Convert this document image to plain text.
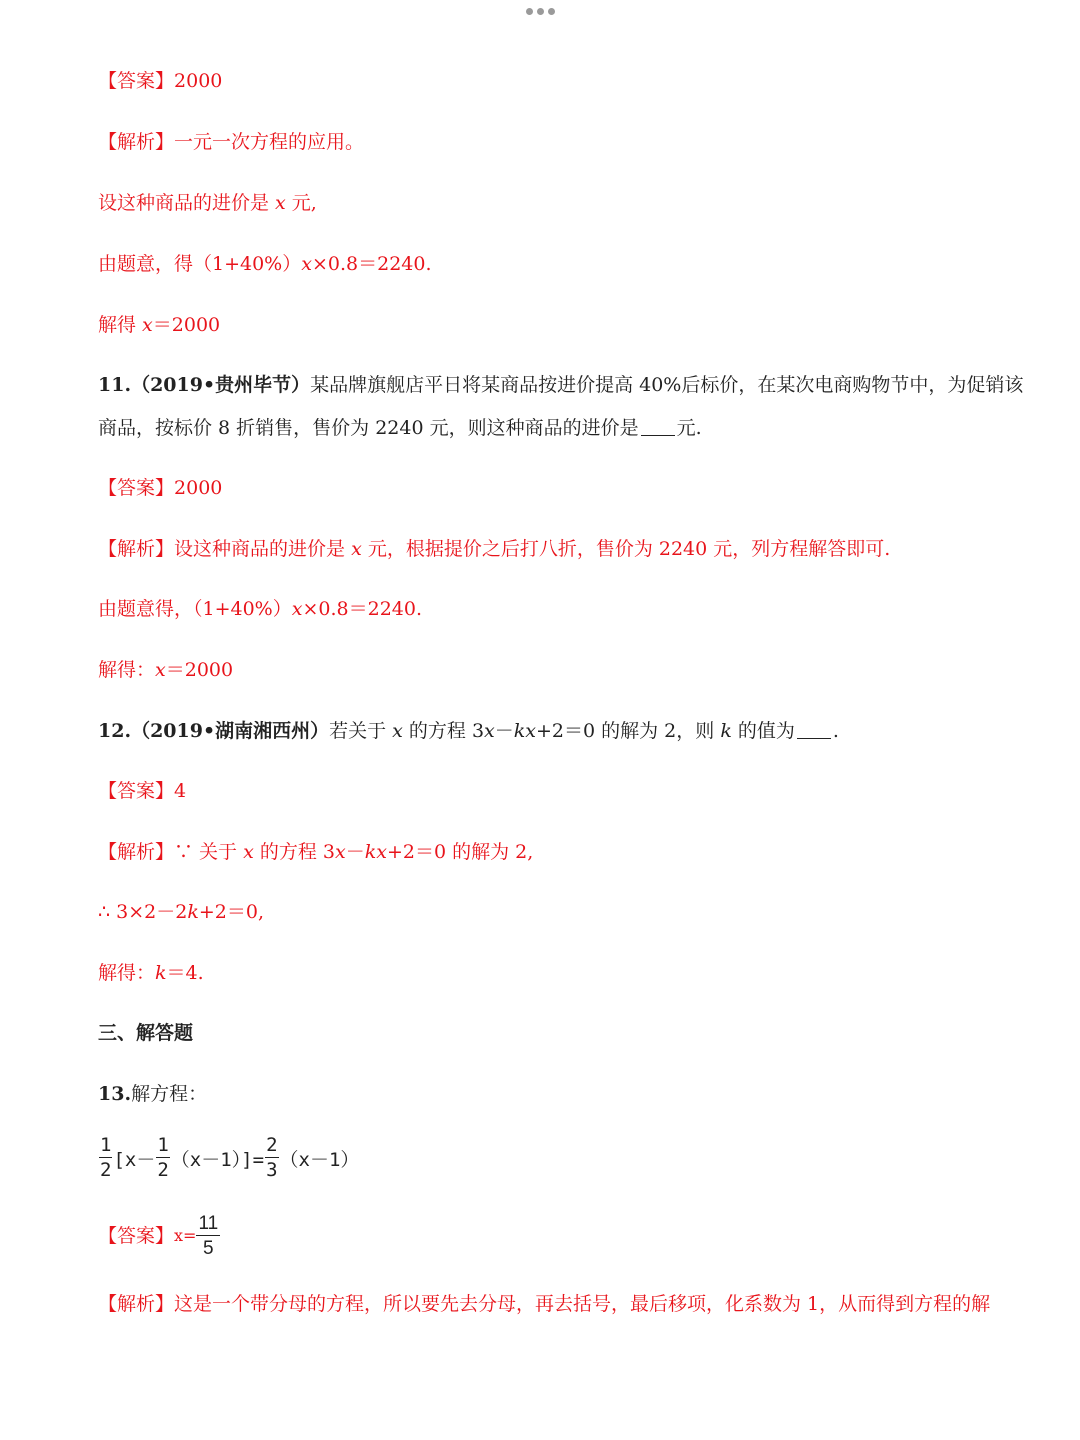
【答案】2000
【解析】一元一次方程的应用。
设这种商品的进价是 x 元,
由题意，得（1+40%）x×0.8＝2240.
解得 x＝2000
11.（2019•贵州毕节）某品牌旗舰店平日将某商品按进价提高 40%后标价，在某次电商购物节中，为促销该
商品，按标价 8 折销售，售价为 2240 元，则这种商品的进价是 元.
【答案】2000
【解析】设这种商品的进价是 x 元，根据提价之后打八折，售价为 2240 元，列方程解答即可.
由题意得，（1+40%）x×0.8＝2240.
解得：x＝2000
12.（2019•湖南湘西州）若关于 x 的方程 3x－kx+2＝0 的解为 2，则 k 的值为 .
【答案】4
【解析】∵ 关于 x 的方程 3x－kx+2＝0 的解为 2,
∴ 3×2－2k+2＝0,
解得：k＝4.
三、解答题
13.解方程：
$\frac{1}{2} [x- \frac{1}{2} (x-1)]= \frac{2}{3} (x-1)$
【答案】 $x= \frac{11}{5}$
【解析】这是一个带分母的方程，所以要先去分母，再去括号，最后移项，化系数为 1，从而得到方程的解
